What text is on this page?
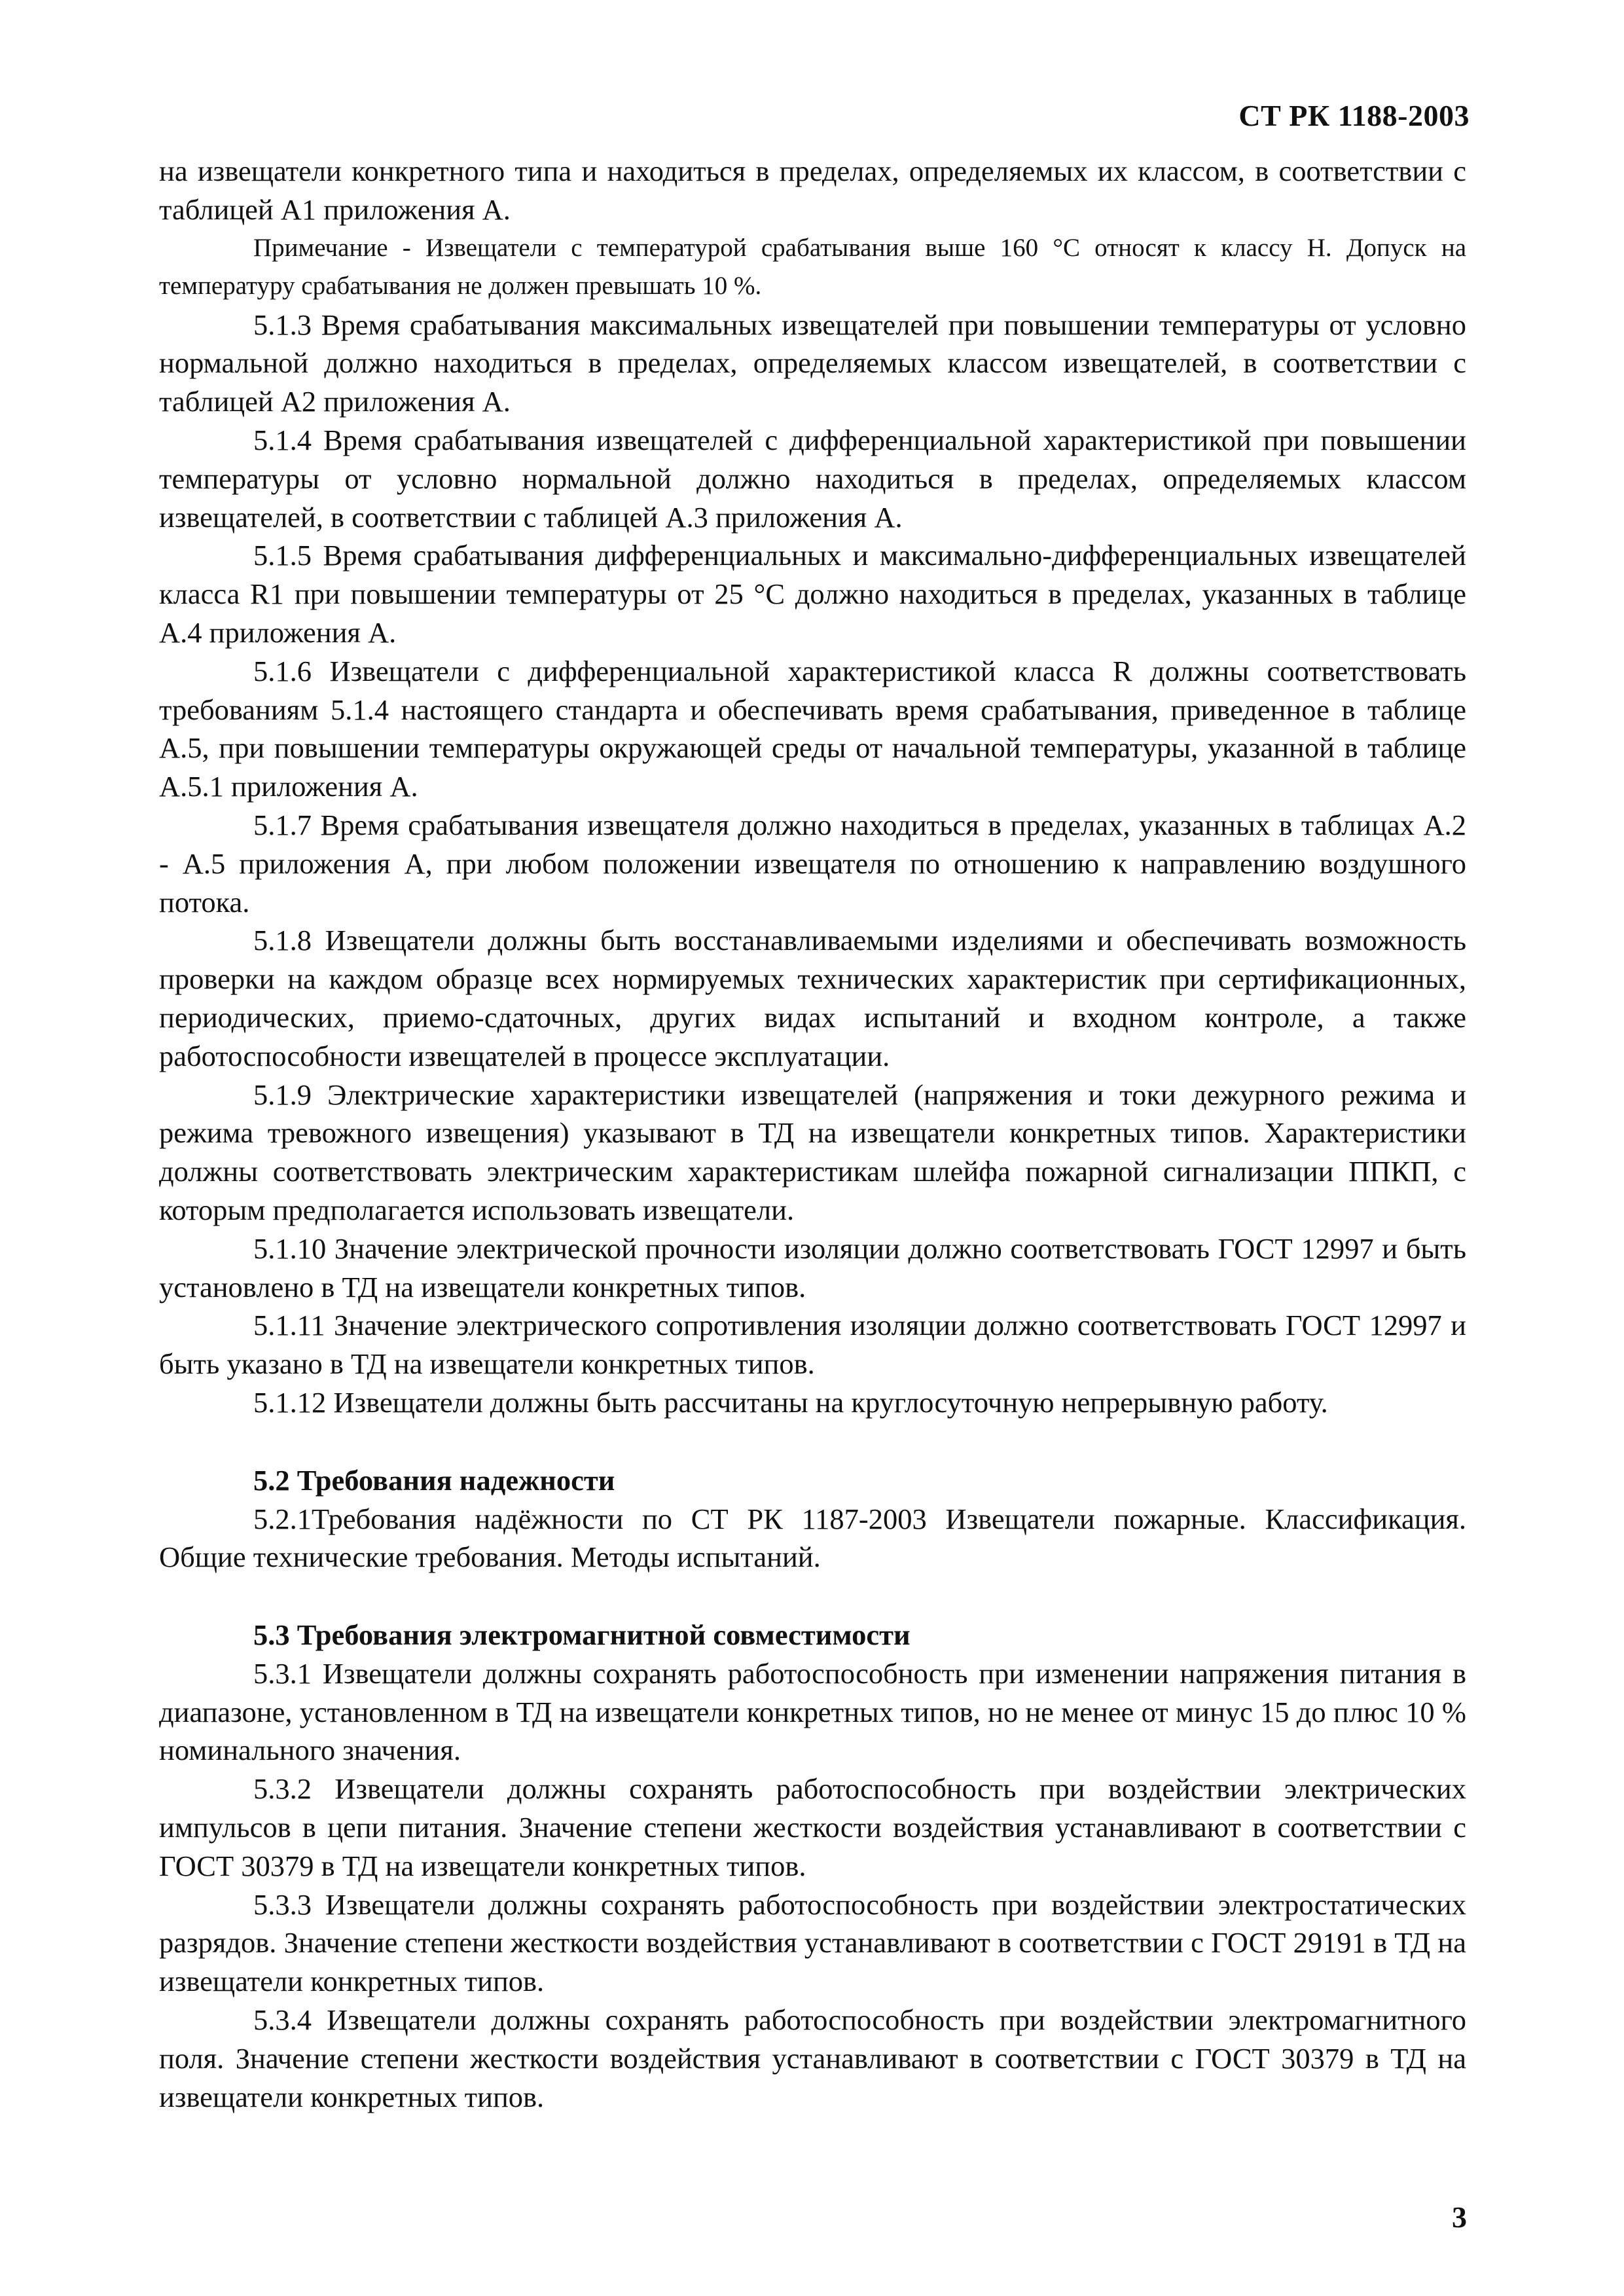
СТ РК 1188-2003

на извещатели конкретного типа и находиться в пределах, определяемых их классом, в соответствии с таблицей А1 приложения А.

Примечание - Извещатели с температурой срабатывания выше 160 °С относят к классу Н. Допуск на температуру срабатывания не должен превышать 10 %.

5.1.3 Время срабатывания максимальных извещателей при повышении температуры от условно нормальной должно находиться в пределах, определяемых классом извещателей, в соответствии с таблицей А2 приложения А.

5.1.4 Время срабатывания извещателей с дифференциальной характеристикой при повышении температуры от условно нормальной должно находиться в пределах, определяемых классом извещателей, в соответствии с таблицей А.3 приложения А.

5.1.5 Время срабатывания дифференциальных и максимально-дифференциальных извещателей класса R1 при повышении температуры от 25 °С должно находиться в пределах, указанных в таблице А.4 приложения А.

5.1.6 Извещатели с дифференциальной характеристикой класса R должны соответствовать требованиям 5.1.4 настоящего стандарта и обеспечивать время срабатывания, приведенное в таблице А.5, при повышении температуры окружающей среды от начальной температуры, указанной в таблице А.5.1 приложения А.

5.1.7 Время срабатывания извещателя должно находиться в пределах, указанных в таблицах А.2 - А.5 приложения А, при любом положении извещателя по отношению к направлению воздушного потока.

5.1.8 Извещатели должны быть восстанавливаемыми изделиями и обеспечивать возможность проверки на каждом образце всех нормируемых технических характеристик при сертификационных, периодических, приемо-сдаточных, других видах испытаний и входном контроле, а также работоспособности извещателей в процессе эксплуатации.

5.1.9 Электрические характеристики извещателей (напряжения и токи дежурного режима и режима тревожного извещения) указывают в ТД на извещатели конкретных типов. Характеристики должны соответствовать электрическим характеристикам шлейфа пожарной сигнализации ППКП, с которым предполагается использовать извещатели.

5.1.10 Значение электрической прочности изоляции должно соответствовать ГОСТ 12997 и быть установлено в ТД на извещатели конкретных типов.

5.1.11 Значение электрического сопротивления изоляции должно соответствовать ГОСТ 12997 и быть указано в ТД на извещатели конкретных типов.

5.1.12 Извещатели должны быть рассчитаны на круглосуточную непрерывную работу.

5.2 Требования надежности

5.2.1Требования надёжности по СТ РК 1187-2003 Извещатели пожарные. Классификация. Общие технические требования. Методы испытаний.

5.3 Требования электромагнитной совместимости

5.3.1 Извещатели должны сохранять работоспособность при изменении напряжения питания в диапазоне, установленном в ТД на извещатели конкретных типов, но не менее от минус 15 до плюс 10 % номинального значения.

5.3.2 Извещатели должны сохранять работоспособность при воздействии электрических импульсов в цепи питания. Значение степени жесткости воздействия устанавливают в соответствии с ГОСТ 30379 в ТД на извещатели конкретных типов.

5.3.3 Извещатели должны сохранять работоспособность при воздействии электростатических разрядов. Значение степени жесткости воздействия устанавливают в соответствии с ГОСТ 29191 в ТД на извещатели конкретных типов.

5.3.4 Извещатели должны сохранять работоспособность при воздействии электромагнитного поля. Значение степени жесткости воздействия устанавливают в соответствии с ГОСТ 30379 в ТД на извещатели конкретных типов.

3
